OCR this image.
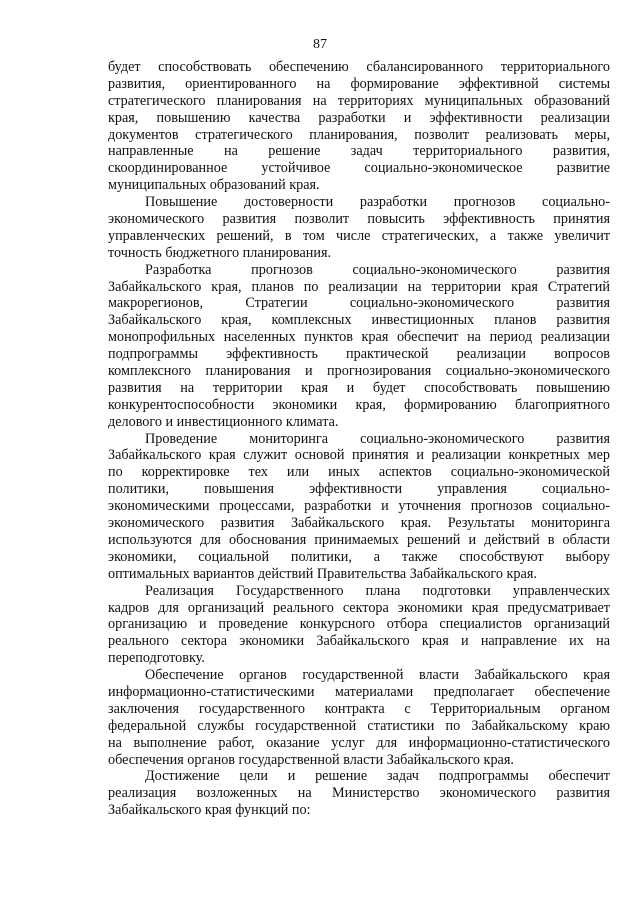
87
будет способствовать обеспечению сбалансированного территориального
развития, ориентированного на формирование эффективной системы
стратегического планирования на территориях муниципальных образований
края, повышению качества разработки и эффективности реализации
документов стратегического планирования, позволит реализовать меры,
направленные на решение задач территориального развития,
скоординированное устойчивое социально-экономическое развитие
муниципальных образований края.
Повышение достоверности разработки прогнозов социально-
экономического развития позволит повысить эффективность принятия
управленческих решений, в том числе стратегических, а также увеличит
точность бюджетного планирования.
Разработка прогнозов социально-экономического развития
Забайкальского края, планов по реализации на территории края Стратегий
макрорегионов, Стратегии социально-экономического развития
Забайкальского края, комплексных инвестиционных планов развития
монопрофильных населенных пунктов края обеспечит на период реализации
подпрограммы эффективность практической реализации вопросов
комплексного планирования и прогнозирования социально-экономического
развития на территории края и будет способствовать повышению
конкурентоспособности экономики края, формированию благоприятного
делового и инвестиционного климата.
Проведение мониторинга социально-экономического развития
Забайкальского края служит основой принятия и реализации конкретных мер
по корректировке тех или иных аспектов социально-экономической
политики, повышения эффективности управления социально-
экономическими процессами, разработки и уточнения прогнозов социально-
экономического развития Забайкальского края. Результаты мониторинга
используются для обоснования принимаемых решений и действий в области
экономики, социальной политики, а также способствуют выбору
оптимальных вариантов действий Правительства Забайкальского края.
Реализация Государственного плана подготовки управленческих
кадров для организаций реального сектора экономики края предусматривает
организацию и проведение конкурсного отбора специалистов организаций
реального сектора экономики Забайкальского края и направление их на
переподготовку.
Обеспечение органов государственной власти Забайкальского края
информационно-статистическими материалами предполагает обеспечение
заключения государственного контракта с Территориальным органом
федеральной службы государственной статистики по Забайкальскому краю
на выполнение работ, оказание услуг для информационно-статистического
обеспечения органов государственной власти Забайкальского края.
Достижение цели и решение задач подпрограммы обеспечит
реализация возложенных на Министерство экономического развития
Забайкальского края функций по:
